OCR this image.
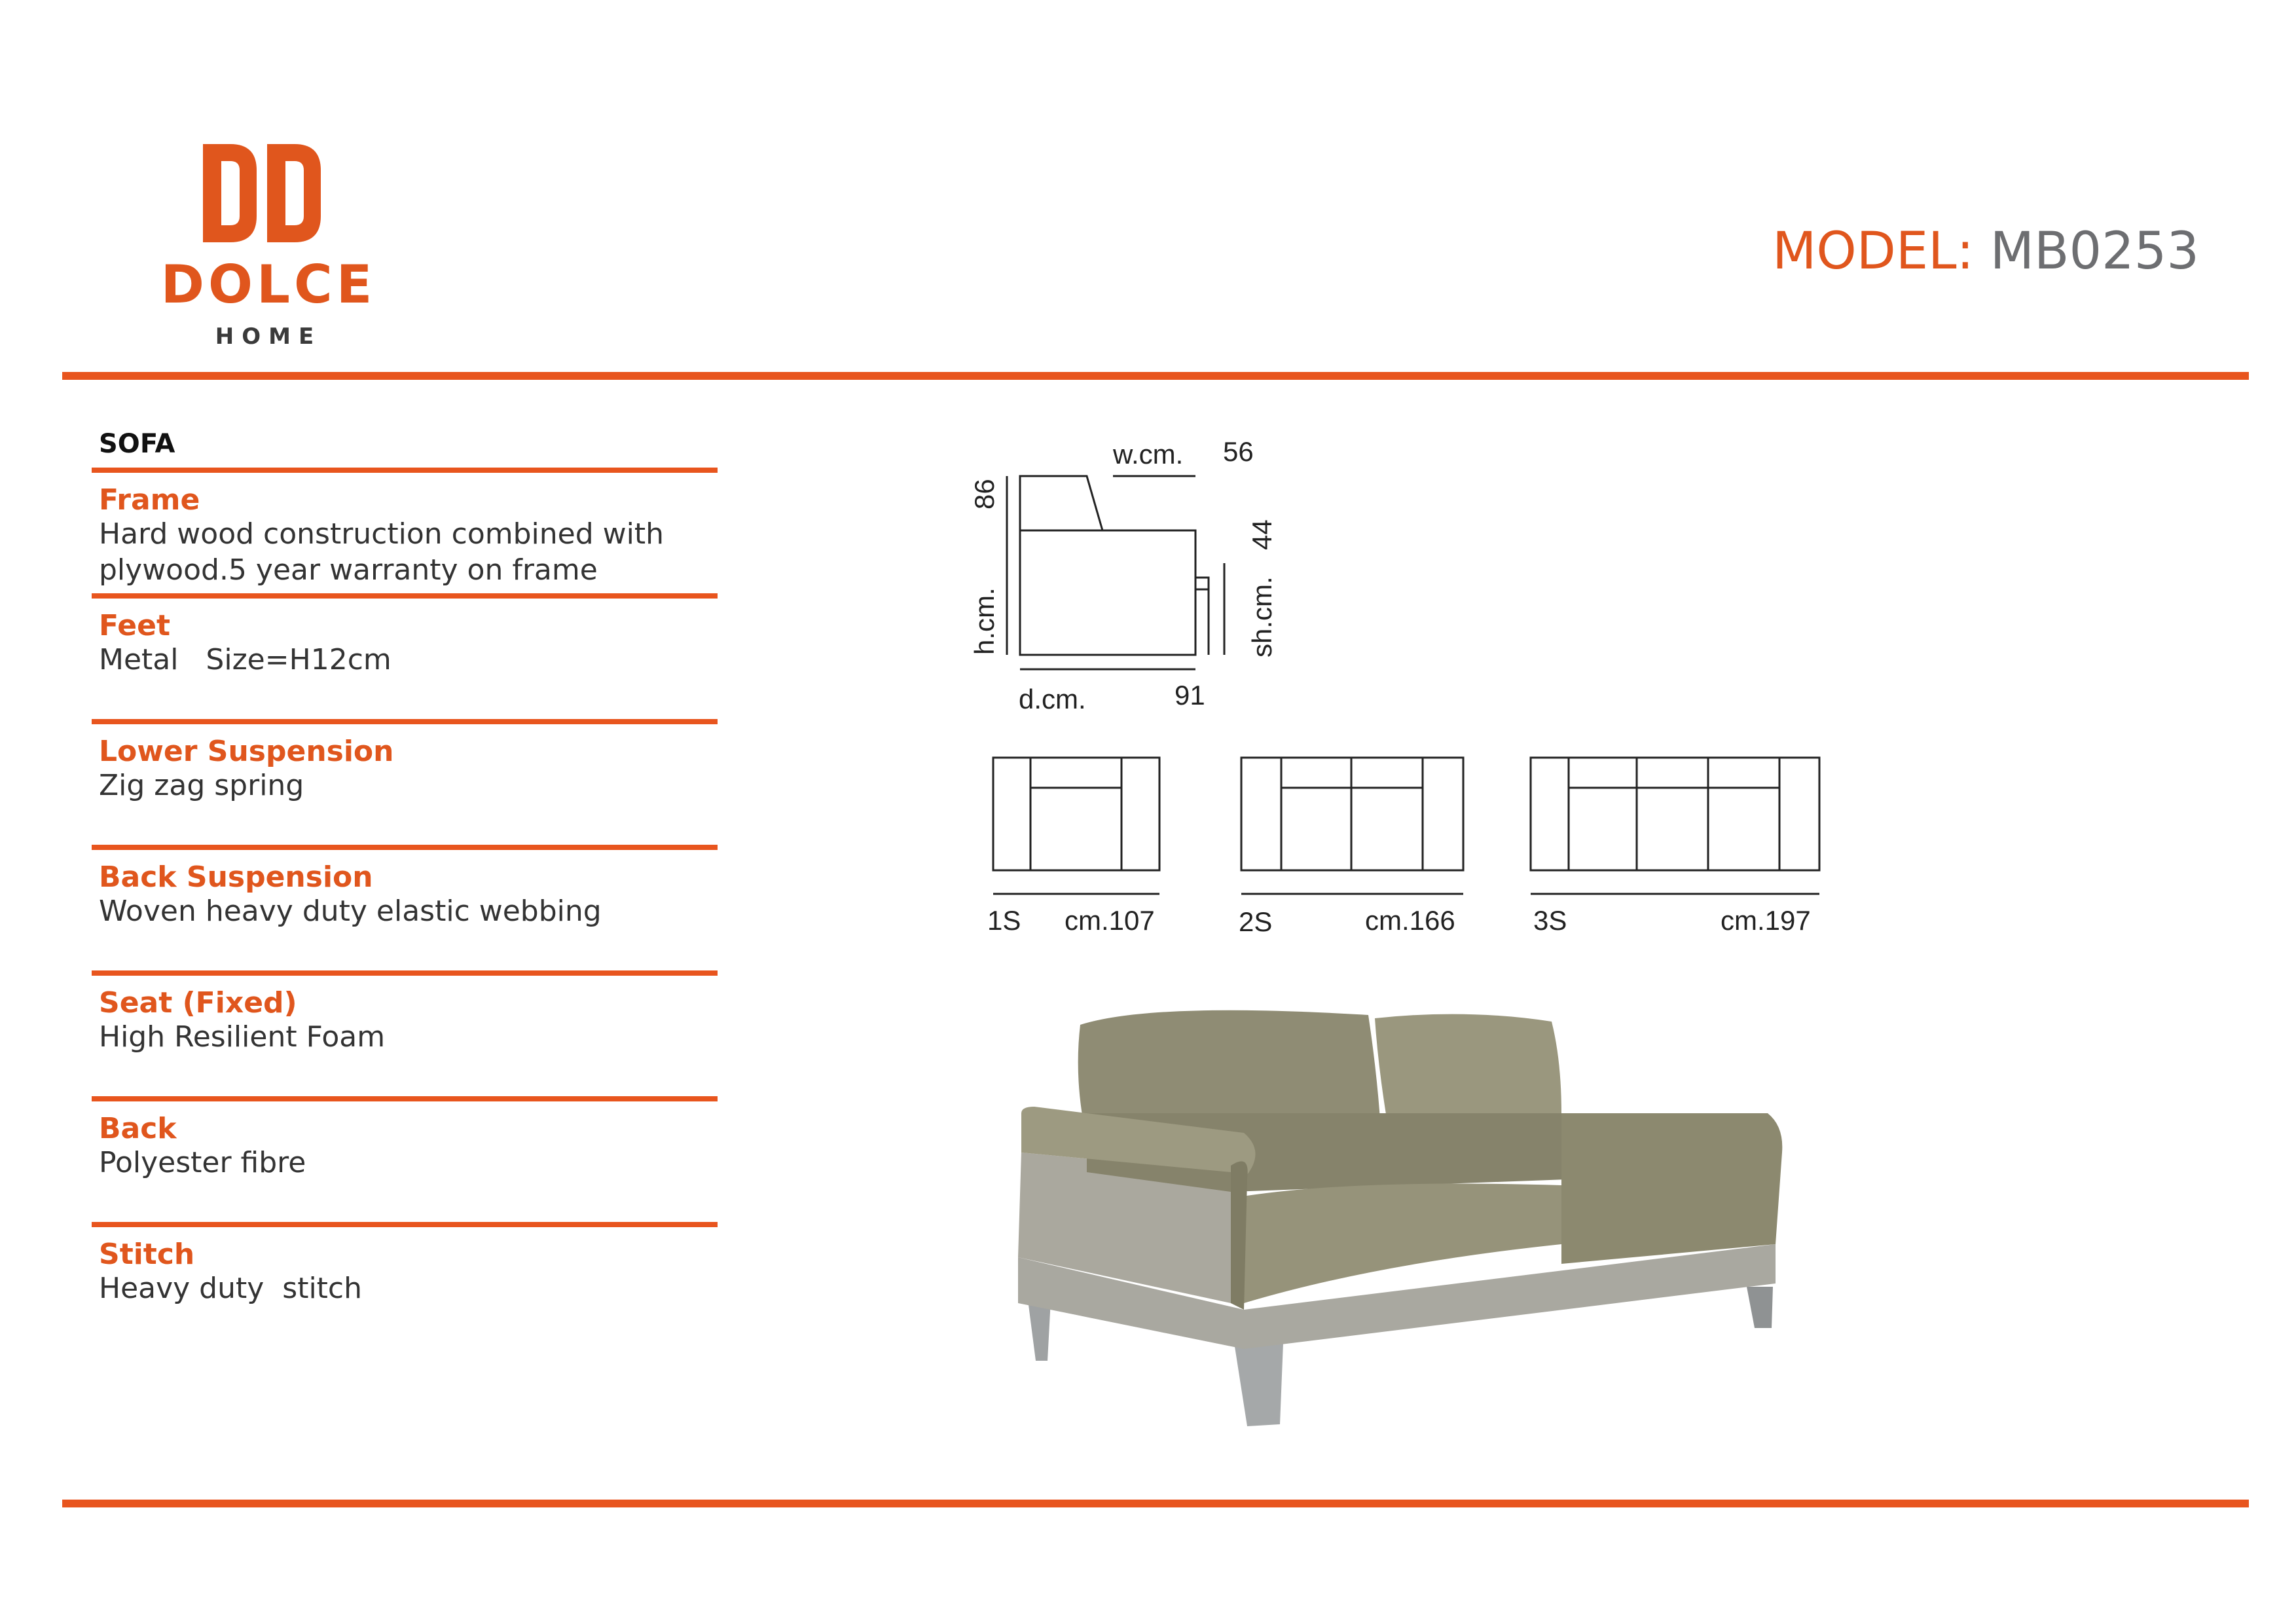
DOLCE
HOME
MODEL: MB0253
SOFA
Frame
Hard wood construction combined with
plywood.5 year warranty on frame
Feet
Metal   Size=H12cm
Lower Suspension
Zig zag spring
Back Suspension
Woven heavy duty elastic webbing
Seat (Fixed)
High Resilient Foam
Back
Polyester fibre
Stitch
Heavy duty  stitch
w.cm. 56
d.cm.	91
h.cm.
86
sh.cm.
44
1S cm.107	2S	cm.166	3S	cm.197
